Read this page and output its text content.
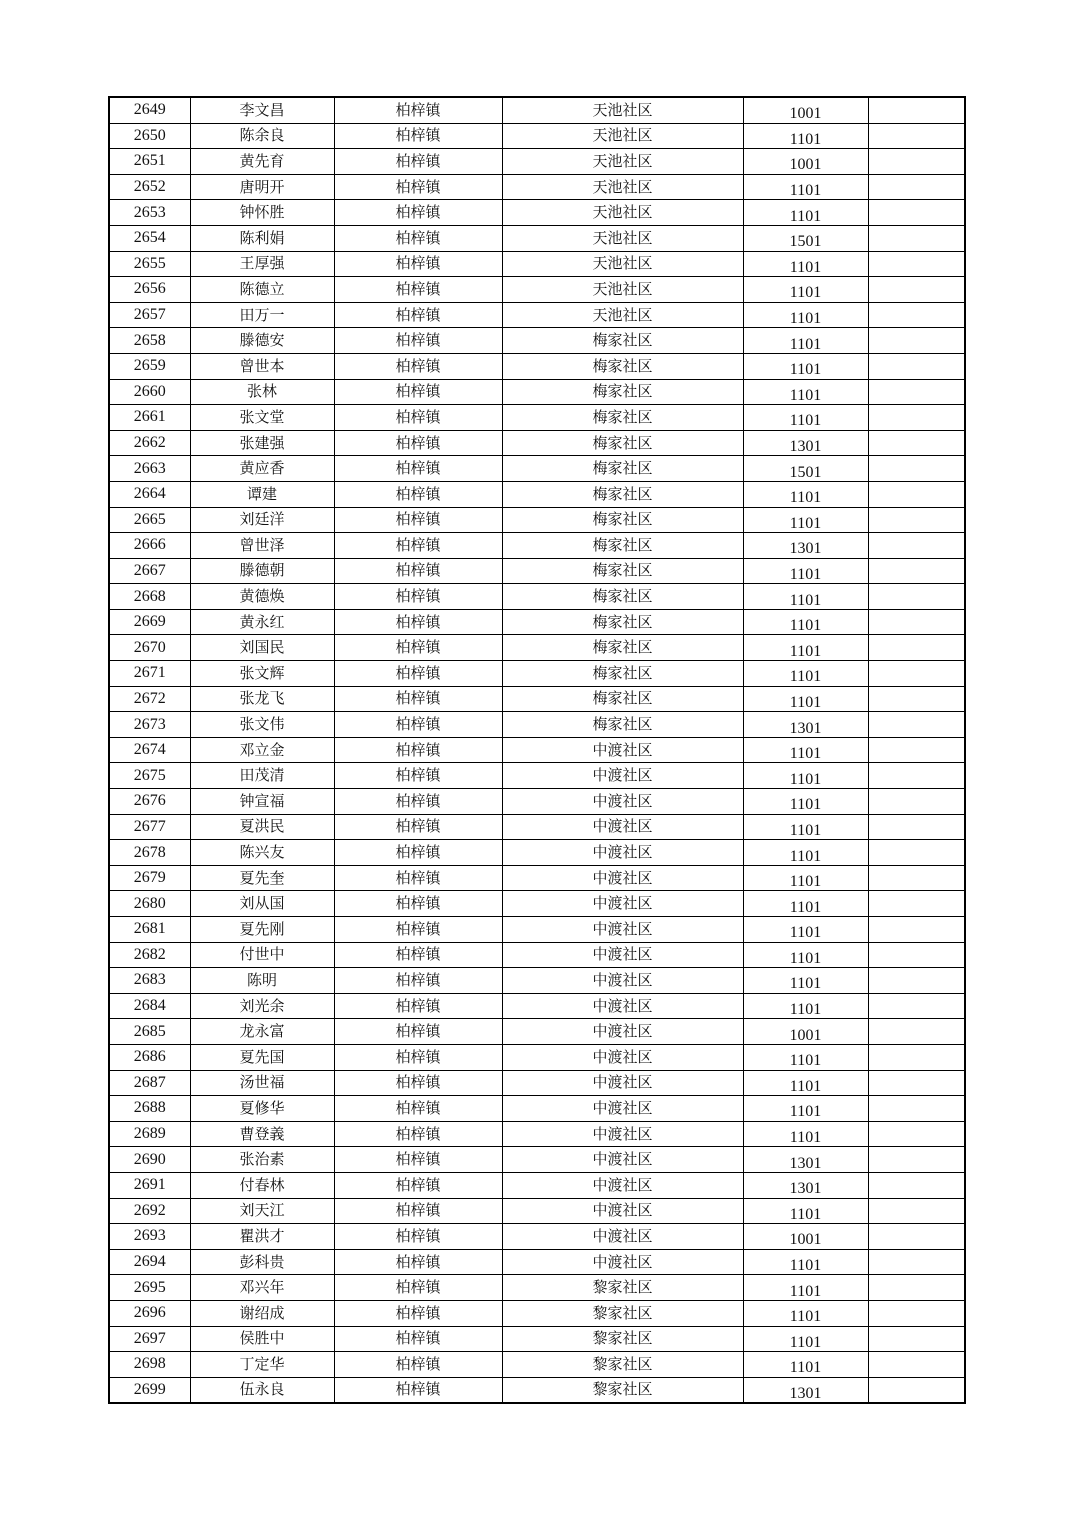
2649	李文昌	柏梓镇	天池社区	1001	
2650	陈余良	柏梓镇	天池社区	1101	
2651	黄先育	柏梓镇	天池社区	1001	
2652	唐明开	柏梓镇	天池社区	1101	
2653	钟怀胜	柏梓镇	天池社区	1101	
2654	陈利娟	柏梓镇	天池社区	1501	
2655	王厚强	柏梓镇	天池社区	1101	
2656	陈德立	柏梓镇	天池社区	1101	
2657	田万一	柏梓镇	天池社区	1101	
2658	滕德安	柏梓镇	梅家社区	1101	
2659	曾世本	柏梓镇	梅家社区	1101	
2660	张林	柏梓镇	梅家社区	1101	
2661	张文堂	柏梓镇	梅家社区	1101	
2662	张建强	柏梓镇	梅家社区	1301	
2663	黄应香	柏梓镇	梅家社区	1501	
2664	谭建	柏梓镇	梅家社区	1101	
2665	刘廷洋	柏梓镇	梅家社区	1101	
2666	曾世泽	柏梓镇	梅家社区	1301	
2667	滕德朝	柏梓镇	梅家社区	1101	
2668	黄德焕	柏梓镇	梅家社区	1101	
2669	黄永红	柏梓镇	梅家社区	1101	
2670	刘国民	柏梓镇	梅家社区	1101	
2671	张文辉	柏梓镇	梅家社区	1101	
2672	张龙飞	柏梓镇	梅家社区	1101	
2673	张文伟	柏梓镇	梅家社区	1301	
2674	邓立金	柏梓镇	中渡社区	1101	
2675	田茂清	柏梓镇	中渡社区	1101	
2676	钟宣福	柏梓镇	中渡社区	1101	
2677	夏洪民	柏梓镇	中渡社区	1101	
2678	陈兴友	柏梓镇	中渡社区	1101	
2679	夏先奎	柏梓镇	中渡社区	1101	
2680	刘从国	柏梓镇	中渡社区	1101	
2681	夏先刚	柏梓镇	中渡社区	1101	
2682	付世中	柏梓镇	中渡社区	1101	
2683	陈明	柏梓镇	中渡社区	1101	
2684	刘光余	柏梓镇	中渡社区	1101	
2685	龙永富	柏梓镇	中渡社区	1001	
2686	夏先国	柏梓镇	中渡社区	1101	
2687	汤世福	柏梓镇	中渡社区	1101	
2688	夏修华	柏梓镇	中渡社区	1101	
2689	曹登義	柏梓镇	中渡社区	1101	
2690	张治素	柏梓镇	中渡社区	1301	
2691	付春林	柏梓镇	中渡社区	1301	
2692	刘天江	柏梓镇	中渡社区	1101	
2693	瞿洪才	柏梓镇	中渡社区	1001	
2694	彭科贵	柏梓镇	中渡社区	1101	
2695	邓兴年	柏梓镇	黎家社区	1101	
2696	谢绍成	柏梓镇	黎家社区	1101	
2697	侯胜中	柏梓镇	黎家社区	1101	
2698	丁定华	柏梓镇	黎家社区	1101	
2699	伍永良	柏梓镇	黎家社区	1301	
